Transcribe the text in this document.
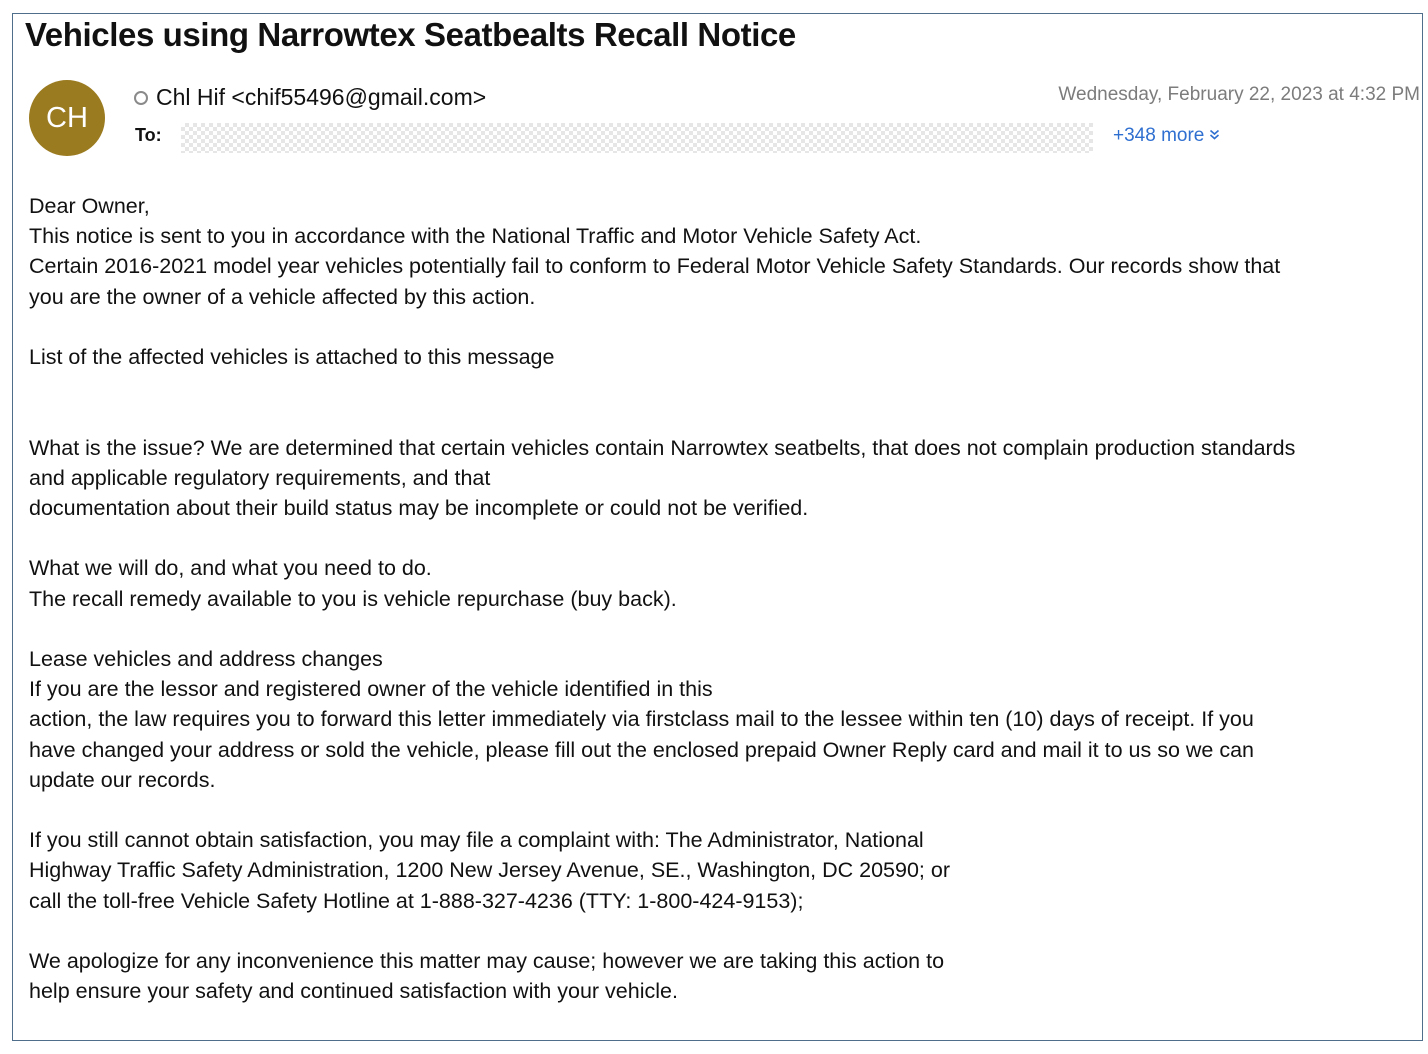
Vehicles using Narrowtex Seatbealts Recall Notice
CH
Chl Hif <chif55496@gmail.com>	Wednesday, February 22, 2023 at 4:32 PM
To:	+348 more
Dear Owner,
This notice is sent to you in accordance with the National Traffic and Motor Vehicle Safety Act.
Certain 2016-2021 model year vehicles potentially fail to conform to Federal Motor Vehicle Safety Standards. Our records show that
you are the owner of a vehicle affected by this action.
List of the affected vehicles is attached to this message
What is the issue? We are determined that certain vehicles contain Narrowtex seatbelts, that does not complain production standards
and applicable regulatory requirements, and that
documentation about their build status may be incomplete or could not be verified.
What we will do, and what you need to do.
The recall remedy available to you is vehicle repurchase (buy back).
Lease vehicles and address changes
If you are the lessor and registered owner of the vehicle identified in this
action, the law requires you to forward this letter immediately via firstclass mail to the lessee within ten (10) days of receipt. If you
have changed your address or sold the vehicle, please fill out the enclosed prepaid Owner Reply card and mail it to us so we can
update our records.
If you still cannot obtain satisfaction, you may file a complaint with: The Administrator, National
Highway Traffic Safety Administration, 1200 New Jersey Avenue, SE., Washington, DC 20590; or
call the toll-free Vehicle Safety Hotline at 1-888-327-4236 (TTY: 1-800-424-9153);
We apologize for any inconvenience this matter may cause; however we are taking this action to
help ensure your safety and continued satisfaction with your vehicle.
